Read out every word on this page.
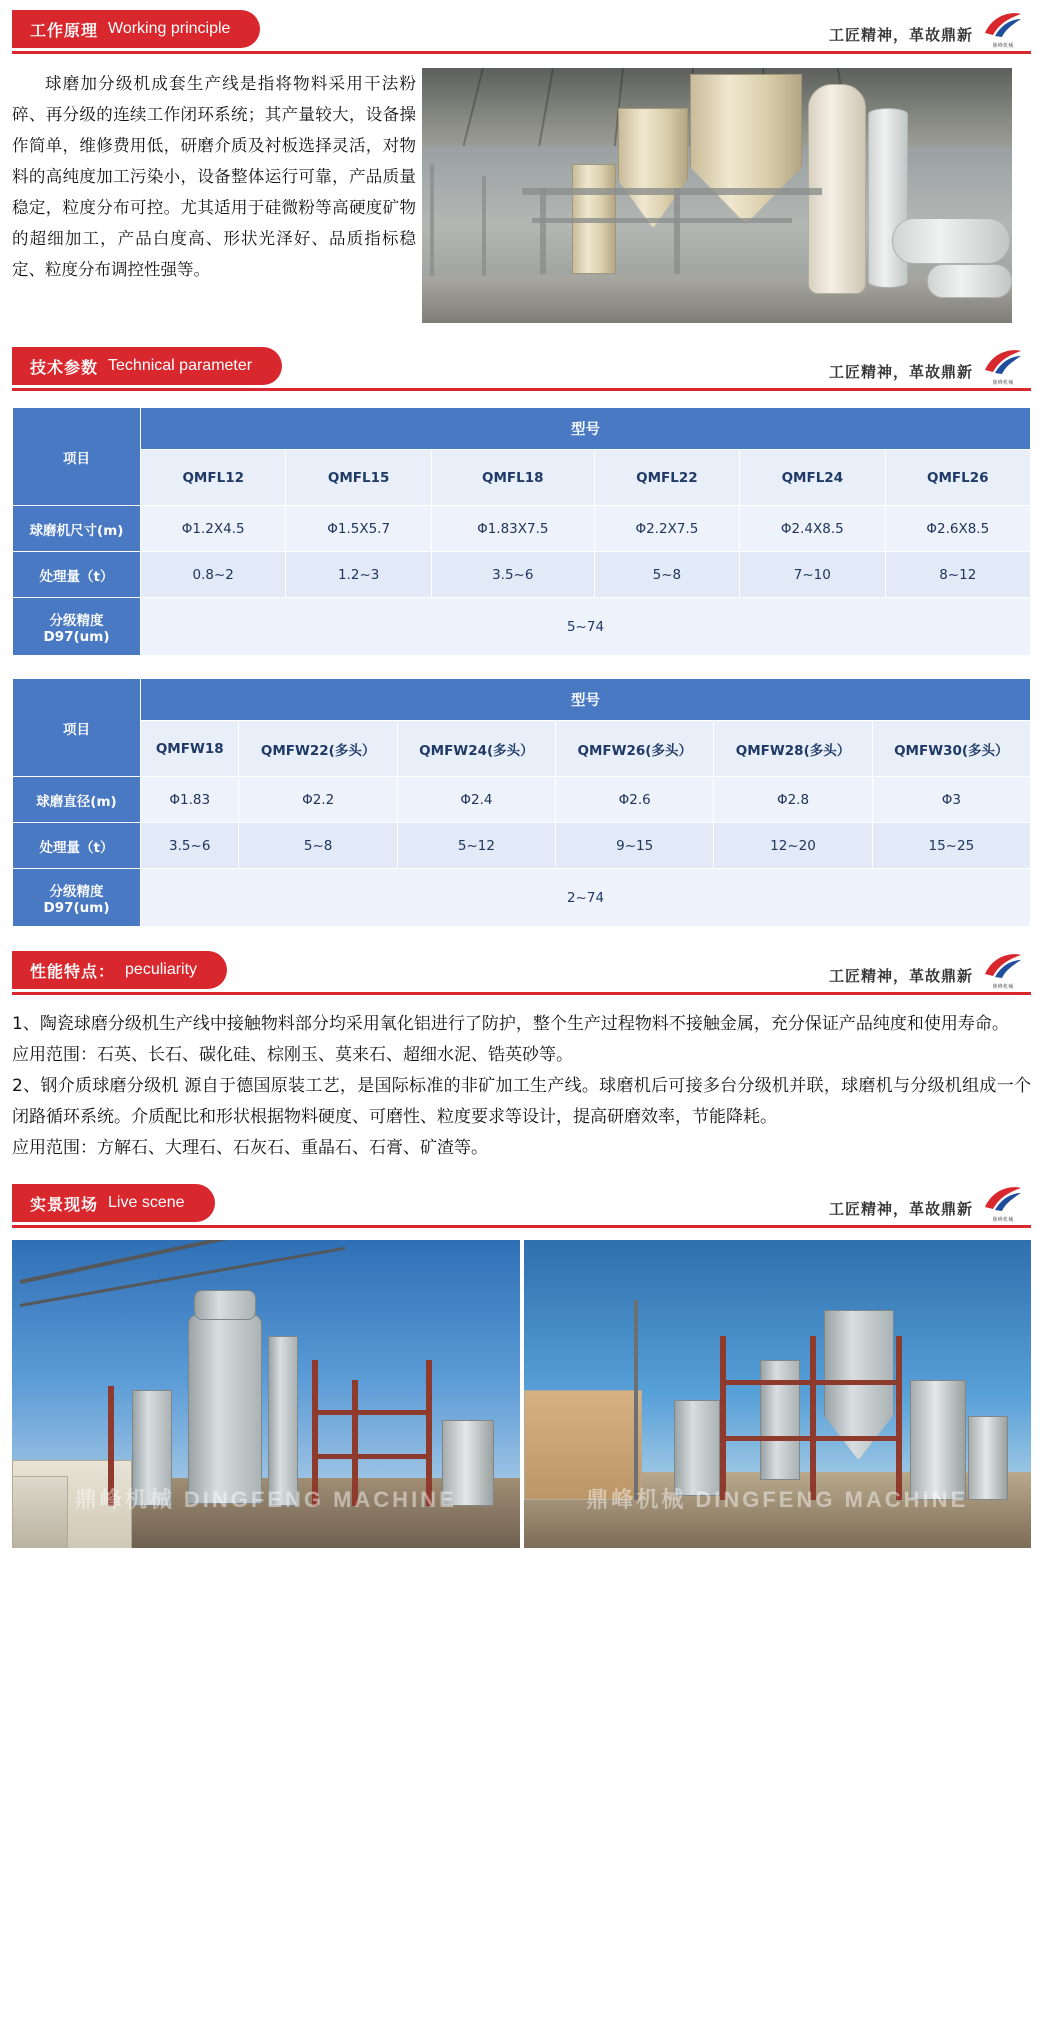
工作原理 Working principle	工匠精神，革故鼎新
鼎峰机械
球磨加分级机成套生产线是指将物料采用干法粉碎、再分级的连续工作闭环系统；其产量较大，设备操作简单，维修费用低，研磨介质及衬板选择灵活，对物料的高纯度加工污染小，设备整体运行可靠，产品质量稳定，粒度分布可控。尤其适用于硅微粉等高硬度矿物的超细加工，产品白度高、形状光泽好、品质指标稳定、粒度分布调控性强等。
技术参数 Technical parameter	工匠精神，革故鼎新
鼎峰机械
项目	型号					
	QMFL12	QMFL15	QMFL18	QMFL22	QMFL24	QMFL26
球磨机尺寸(m)	Φ1.2X4.5	Φ1.5X5.7	Φ1.83X7.5	Φ2.2X7.5	Φ2.4X8.5	Φ2.6X8.5
处理量（t）	0.8~2	1.2~3	3.5~6	5~8	7~10	8~12
分级精度 D97(um)	5~74					
项目	型号					
	QMFW18	QMFW22(多头）	QMFW24(多头）	QMFW26(多头）	QMFW28(多头）	QMFW30(多头）
球磨直径(m)	Φ1.83	Φ2.2	Φ2.4	Φ2.6	Φ2.8	Φ3
处理量（t）	3.5~6	5~8	5~12	9~15	12~20	15~25
分级精度 D97(um)	2~74					
性能特点： peculiarity	工匠精神，革故鼎新
鼎峰机械

1、陶瓷球磨分级机生产线中接触物料部分均采用氧化铝进行了防护，整个生产过程物料不接触金属，充分保证产品纯度和使用寿命。

应用范围：石英、长石、碳化硅、棕刚玉、莫来石、超细水泥、锆英砂等。

2、钢介质球磨分级机 源自于德国原装工艺，是国际标准的非矿加工生产线。球磨机后可接多台分级机并联，球磨机与分级机组成一个闭路循环系统。介质配比和形状根据物料硬度、可磨性、粒度要求等设计，提高研磨效率，节能降耗。

应用范围：方解石、大理石、石灰石、重晶石、石膏、矿渣等。

实景现场 Live scene	工匠精神，革故鼎新
鼎峰机械
鼎峰机械 DINGFENG MACHINE	鼎峰机械 DINGFENG MACHINE
